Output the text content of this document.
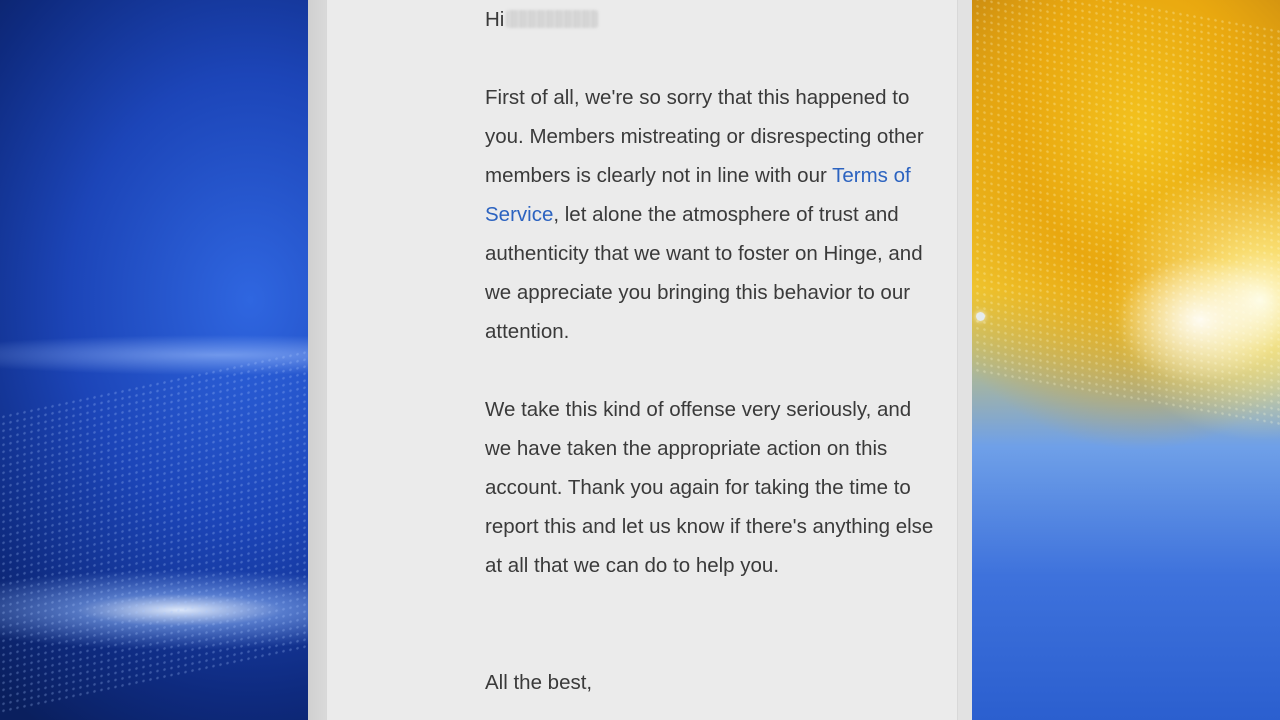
Hi

First of all, we're so sorry that this happened to you. Members mistreating or disrespecting other members is clearly not in line with our Terms of Service, let alone the atmosphere of trust and authenticity that we want to foster on Hinge, and we appreciate you bringing this behavior to our attention.

We take this kind of offense very seriously, and we have taken the appropriate action on this account. Thank you again for taking the time to report this and let us know if there's anything else at all that we can do to help you.

All the best,
